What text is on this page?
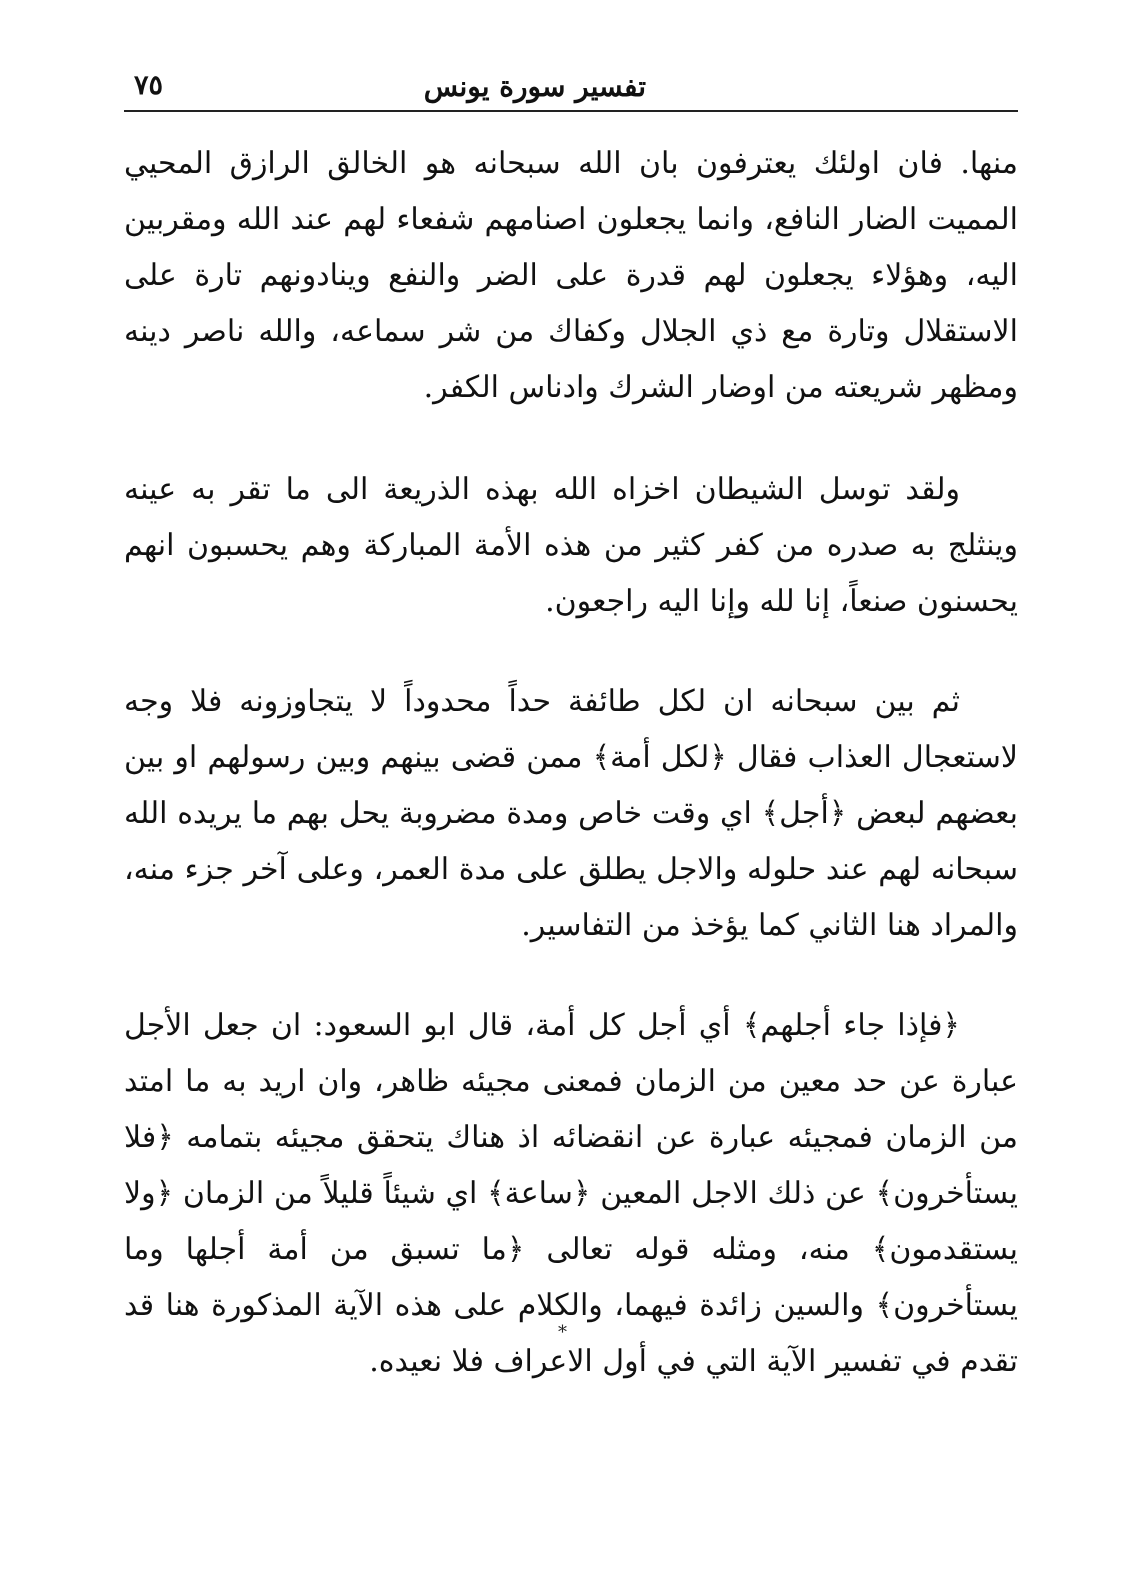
تفسير سورة يونس
٧٥

منها. فان اولئك يعترفون بان الله سبحانه هو الخالق الرازق المحيي المميت الضار النافع، وانما يجعلون اصنامهم شفعاء لهم عند الله ومقربين اليه، وهؤلاء يجعلون لهم قدرة على الضر والنفع وينادونهم تارة على الاستقلال وتارة مع ذي الجلال وكفاك من شر سماعه، والله ناصر دينه ومظهر شريعته من اوضار الشرك وادناس الكفر.

ولقد توسل الشيطان اخزاه الله بهذه الذريعة الى ما تقر به عينه وينثلج به صدره من كفر كثير من هذه الأمة المباركة وهم يحسبون انهم يحسنون صنعاً، إنا لله وإنا اليه راجعون.

ثم بين سبحانه ان لكل طائفة حداً محدوداً لا يتجاوزونه فلا وجه لاستعجال العذاب فقال ﴿لكل أمة﴾ ممن قضى بينهم وبين رسولهم او بين بعضهم لبعض ﴿أجل﴾ اي وقت خاص ومدة مضروبة يحل بهم ما يريده الله سبحانه لهم عند حلوله والاجل يطلق على مدة العمر، وعلى آخر جزء منه، والمراد هنا الثاني كما يؤخذ من التفاسير.

﴿فإذا جاء أجلهم﴾ أي أجل كل أمة، قال ابو السعود: ان جعل الأجل عبارة عن حد معين من الزمان فمعنى مجيئه ظاهر، وان اريد به ما امتد من الزمان فمجيئه عبارة عن انقضائه اذ هناك يتحقق مجيئه بتمامه ﴿فلا يستأخرون﴾ عن ذلك الاجل المعين ﴿ساعة﴾ اي شيئاً قليلاً من الزمان ﴿ولا يستقدمون﴾ منه، ومثله قوله تعالى ﴿ما تسبق من أمة أجلها وما يستأخرون﴾ والسين زائدة فيهما، والكلام على هذه الآية المذكورة هنا قد تقدم في تفسير الآية التي في أول الاعراف فلا نعيده.

*
